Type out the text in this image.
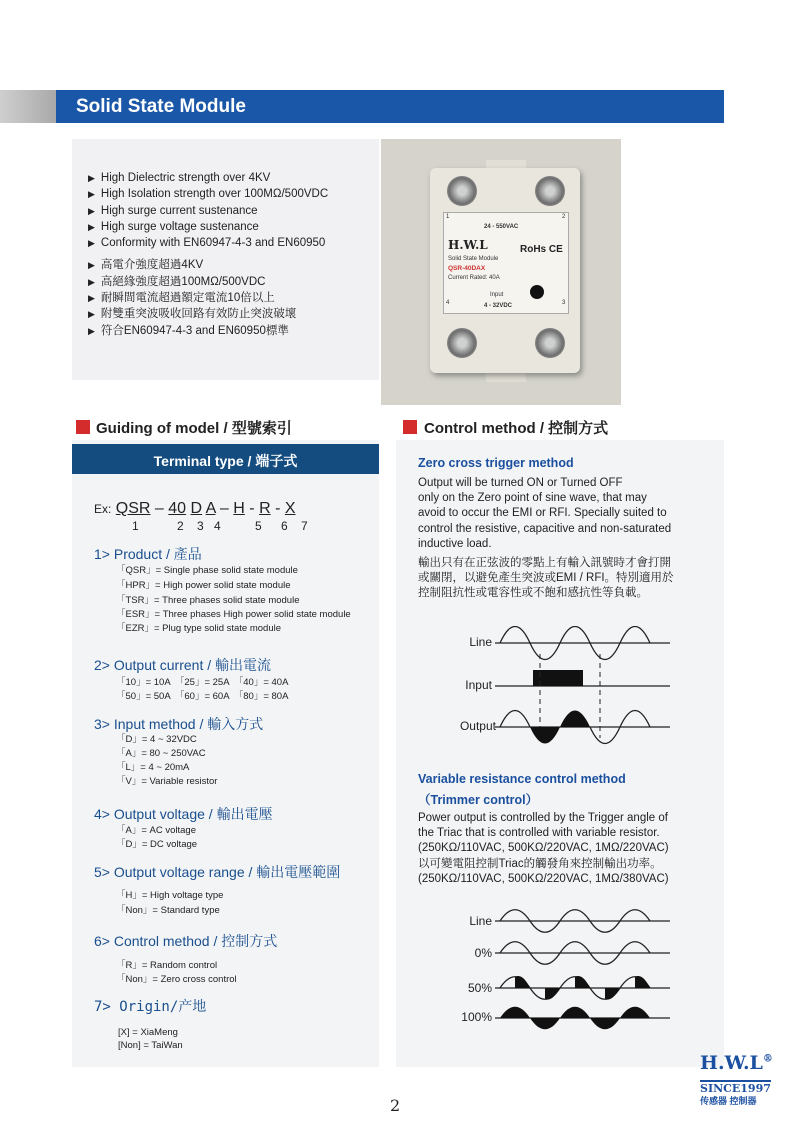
Solid State Module
▶ High Dielectric strength over 4KV
▶ High Isolation strength over 100MΩ/500VDC
▶ High surge current sustenance
▶ High surge voltage sustenance
▶ Conformity with EN60947-4-3 and EN60950
▶ 高電介強度超過4KV
▶ 高絕緣強度超過100MΩ/500VDC
▶ 耐瞬間電流超過額定電流10倍以上
▶ 附雙重突波吸收回路有效防止突波破壞
▶ 符合EN60947-4-3 and EN60950標準
1	2
4	3
24 - 550VAC
H.W.L	RoHs CE
Solid State Module
QSR-40DAX
Current Rated: 40A
Input
4 - 32VDC
Guiding of model / 型號索引	Control method / 控制方式
Terminal type / 端子式
Ex: QSR – 40 D A – H - R - X
1	2 3 4	5 6 7
1> Product / 產品
「QSR」= Single phase solid state module
「HPR」= High power solid state module
「TSR」= Three phases solid state module
「ESR」= Three phases High power solid state module
「EZR」= Plug type solid state module
2> Output current / 輸出電流
「10」= 10A　「25」= 25A　「40」= 40A
「50」= 50A　「60」= 60A　「80」= 80A
3> Input method / 輸入方式
「D」= 4 ~ 32VDC
「A」= 80 ~ 250VAC
「L」= 4 ~ 20mA
「V」= Variable resistor
4> Output voltage / 輸出電壓
「A」= AC voltage
「D」= DC voltage
5> Output voltage range / 輸出電壓範圍
「H」= High voltage type
「Non」= Standard type
6> Control method / 控制方式
「R」= Random control
「Non」= Zero cross control
7> Origin/产地
[X] = XiaMeng
[Non] = TaiWan
Zero cross trigger method
Output will be turned ON or Turned OFF
only on the Zero point of sine wave, that may
avoid to occur the EMI or RFI. Specially suited to
control the resistive, capacitive and non-saturated
inductive load.
輸出只有在正弦波的零點上有輸入訊號時才會打開
或關閉，以避免產生突波或EMI / RFI。特別適用於
控制阻抗性或電容性或不飽和感抗性等負載。
Line
Input
Output
Variable resistance control method
（Trimmer control）
Power output is controlled by the Trigger angle of
the Triac that is controlled with variable resistor.
(250KΩ/110VAC, 500KΩ/220VAC, 1MΩ/220VAC)
以可變電阻控制Triac的觸發角來控制輸出功率。
(250KΩ/110VAC, 500KΩ/220VAC, 1MΩ/380VAC)
Line
0%
50%
100%
2
H.W.L®
SINCE1997
传感器 控制器
